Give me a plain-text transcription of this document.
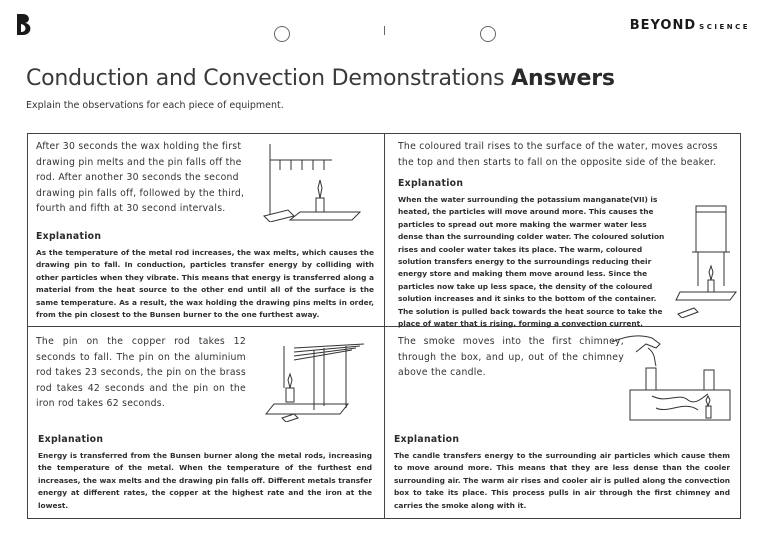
BEYOND SCIENCE
Conduction and Convection Demonstrations Answers
Explain the observations for each piece of equipment.
After 30 seconds the wax holding the first drawing pin melts and the pin falls off the rod. After another 30 seconds the second drawing pin falls off, followed by the third, fourth and fifth at 30 second intervals.
Explanation
As the temperature of the metal rod increases, the wax melts, which causes the drawing pin to fall. In conduction, particles transfer energy by colliding with other particles when they vibrate. This means that energy is transferred along a material from the heat source to the other end until all of the surface is the same temperature. As a result, the wax holding the drawing pins melts in order, from the pin closest to the Bunsen burner to the one furthest away.
The coloured trail rises to the surface of the water, moves across the top and then starts to fall on the opposite side of the beaker.
Explanation
When the water surrounding the potassium manganate(VII) is heated, the particles will move around more. This causes the particles to spread out more making the warmer water less dense than the surrounding colder water. The coloured solution rises and cooler water takes its place. The warm, coloured solution transfers energy to the surroundings reducing their energy store and making them move around less. Since the particles now take up less space, the density of the coloured solution increases and it sinks to the bottom of the container. The solution is pulled back towards the heat source to take the place of water that is rising, forming a convection current.
The pin on the copper rod takes 12 seconds to fall. The pin on the aluminium rod takes 23 seconds, the pin on the brass rod takes 42 seconds and the pin on the iron rod takes 62 seconds.
Explanation
Energy is transferred from the Bunsen burner along the metal rods, increasing the temperature of the metal. When the temperature of the furthest end increases, the wax melts and the drawing pin falls off. Different metals transfer energy at different rates, the copper at the highest rate and the iron at the lowest.
The smoke moves into the first chimney, through the box, and up, out of the chimney above the candle.
Explanation
The candle transfers energy to the surrounding air particles which cause them to move around more. This means that they are less dense than the cooler surrounding air. The warm air rises and cooler air is pulled along the convection box to take its place. This process pulls in air through the first chimney and carries the smoke along with it.
